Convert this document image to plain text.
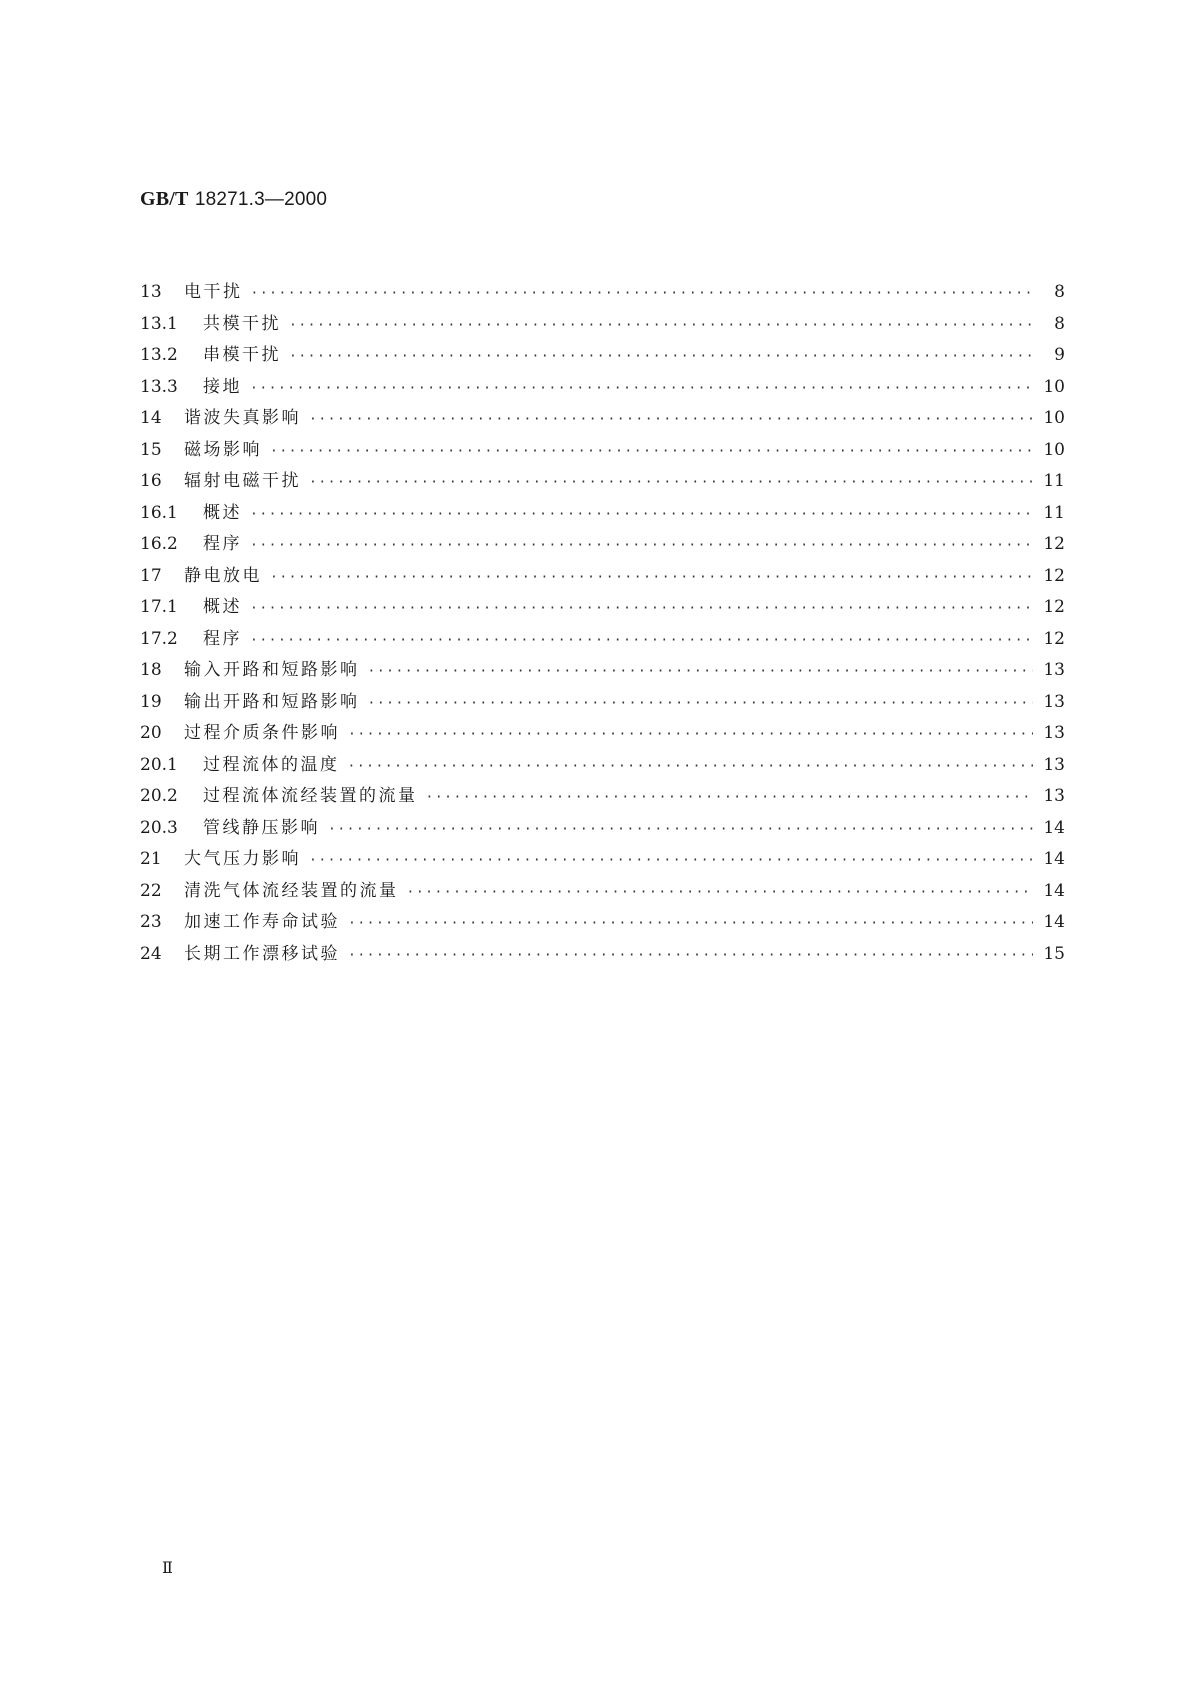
GB/T 18271.3—2000
13	电干扰 ·····	8
13.1	共模干扰 ·····	8
13.2	串模干扰 ·····	9
13.3	接地 ·····	10
14	谐波失真影响 ·····	10
15	磁场影响 ·····	10
16	辐射电磁干扰 ·····	11
16.1	概述 ·····	11
16.2	程序 ·····	12
17	静电放电 ·····	12
17.1	概述 ·····	12
17.2	程序 ·····	12
18	输入开路和短路影响 ·····	13
19	输出开路和短路影响 ·····	13
20	过程介质条件影响 ·····	13
20.1	过程流体的温度 ·····	13
20.2	过程流体流经装置的流量 ·····	13
20.3	管线静压影响 ·····	14
21	大气压力影响 ·····	14
22	清洗气体流经装置的流量 ·····	14
23	加速工作寿命试验 ·····	14
24	长期工作漂移试验 ·····	15
Ⅱ
